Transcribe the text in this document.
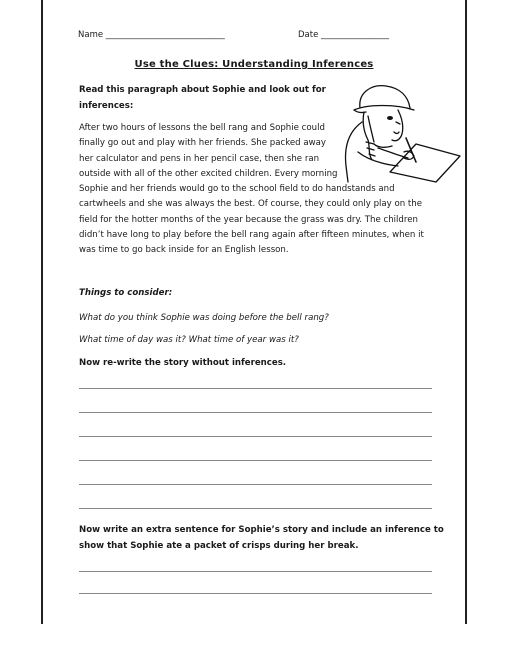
Name ____________________________	Date ________________
Use the Clues: Understanding Inferences
Read this paragraph about Sophie and look out for inferences:
After two hours of lessons the bell rang and Sophie could
finally go out and play with her friends. She packed away
her calculator and pens in her pencil case, then she ran
outside with all of the other excited children. Every morning
Sophie and her friends would go to the school field to do handstands and
cartwheels and she was always the best. Of course, they could only play on the
field for the hotter months of the year because the grass was dry. The children
didn’t have long to play before the bell rang again after fifteen minutes, when it
was time to go back inside for an English lesson.
Things to consider:
What do you think Sophie was doing before the bell rang?
What time of day was it? What time of year was it?
Now re-write the story without inferences.
Now write an extra sentence for Sophie’s story and include an inference to
show that Sophie ate a packet of crisps during her break.
